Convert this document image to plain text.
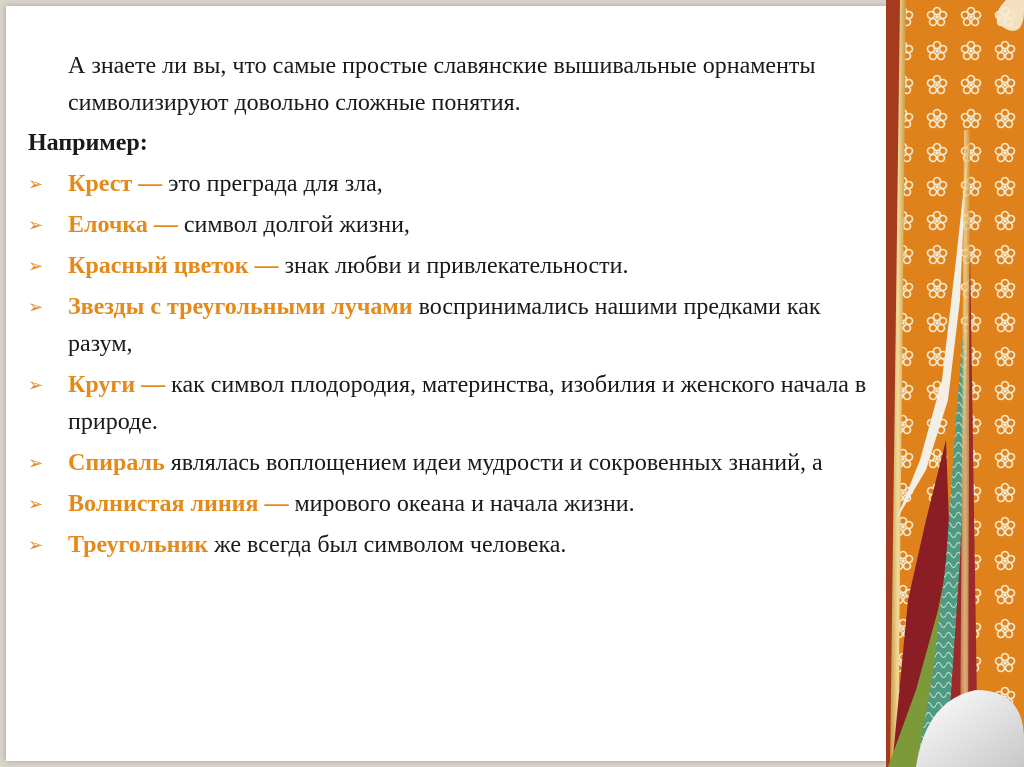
А знаете ли вы, что самые простые славянские вышивальные орнаменты символизируют довольно сложные понятия.

Например:
➢ Крест — это преграда для зла,
➢ Елочка — символ долгой жизни,
➢ Красный цветок — знак любви и привлекательности.
➢ Звезды с треугольными лучами воспринимались нашими предками как разум,
➢ Круги — как символ плодородия, материнства, изобилия и женского начала в природе.
➢ Спираль являлась воплощением идеи мудрости и сокровенных знаний, а
➢ Волнистая линия — мирового океана и начала жизни.
➢ Треугольник же всегда был символом человека.
